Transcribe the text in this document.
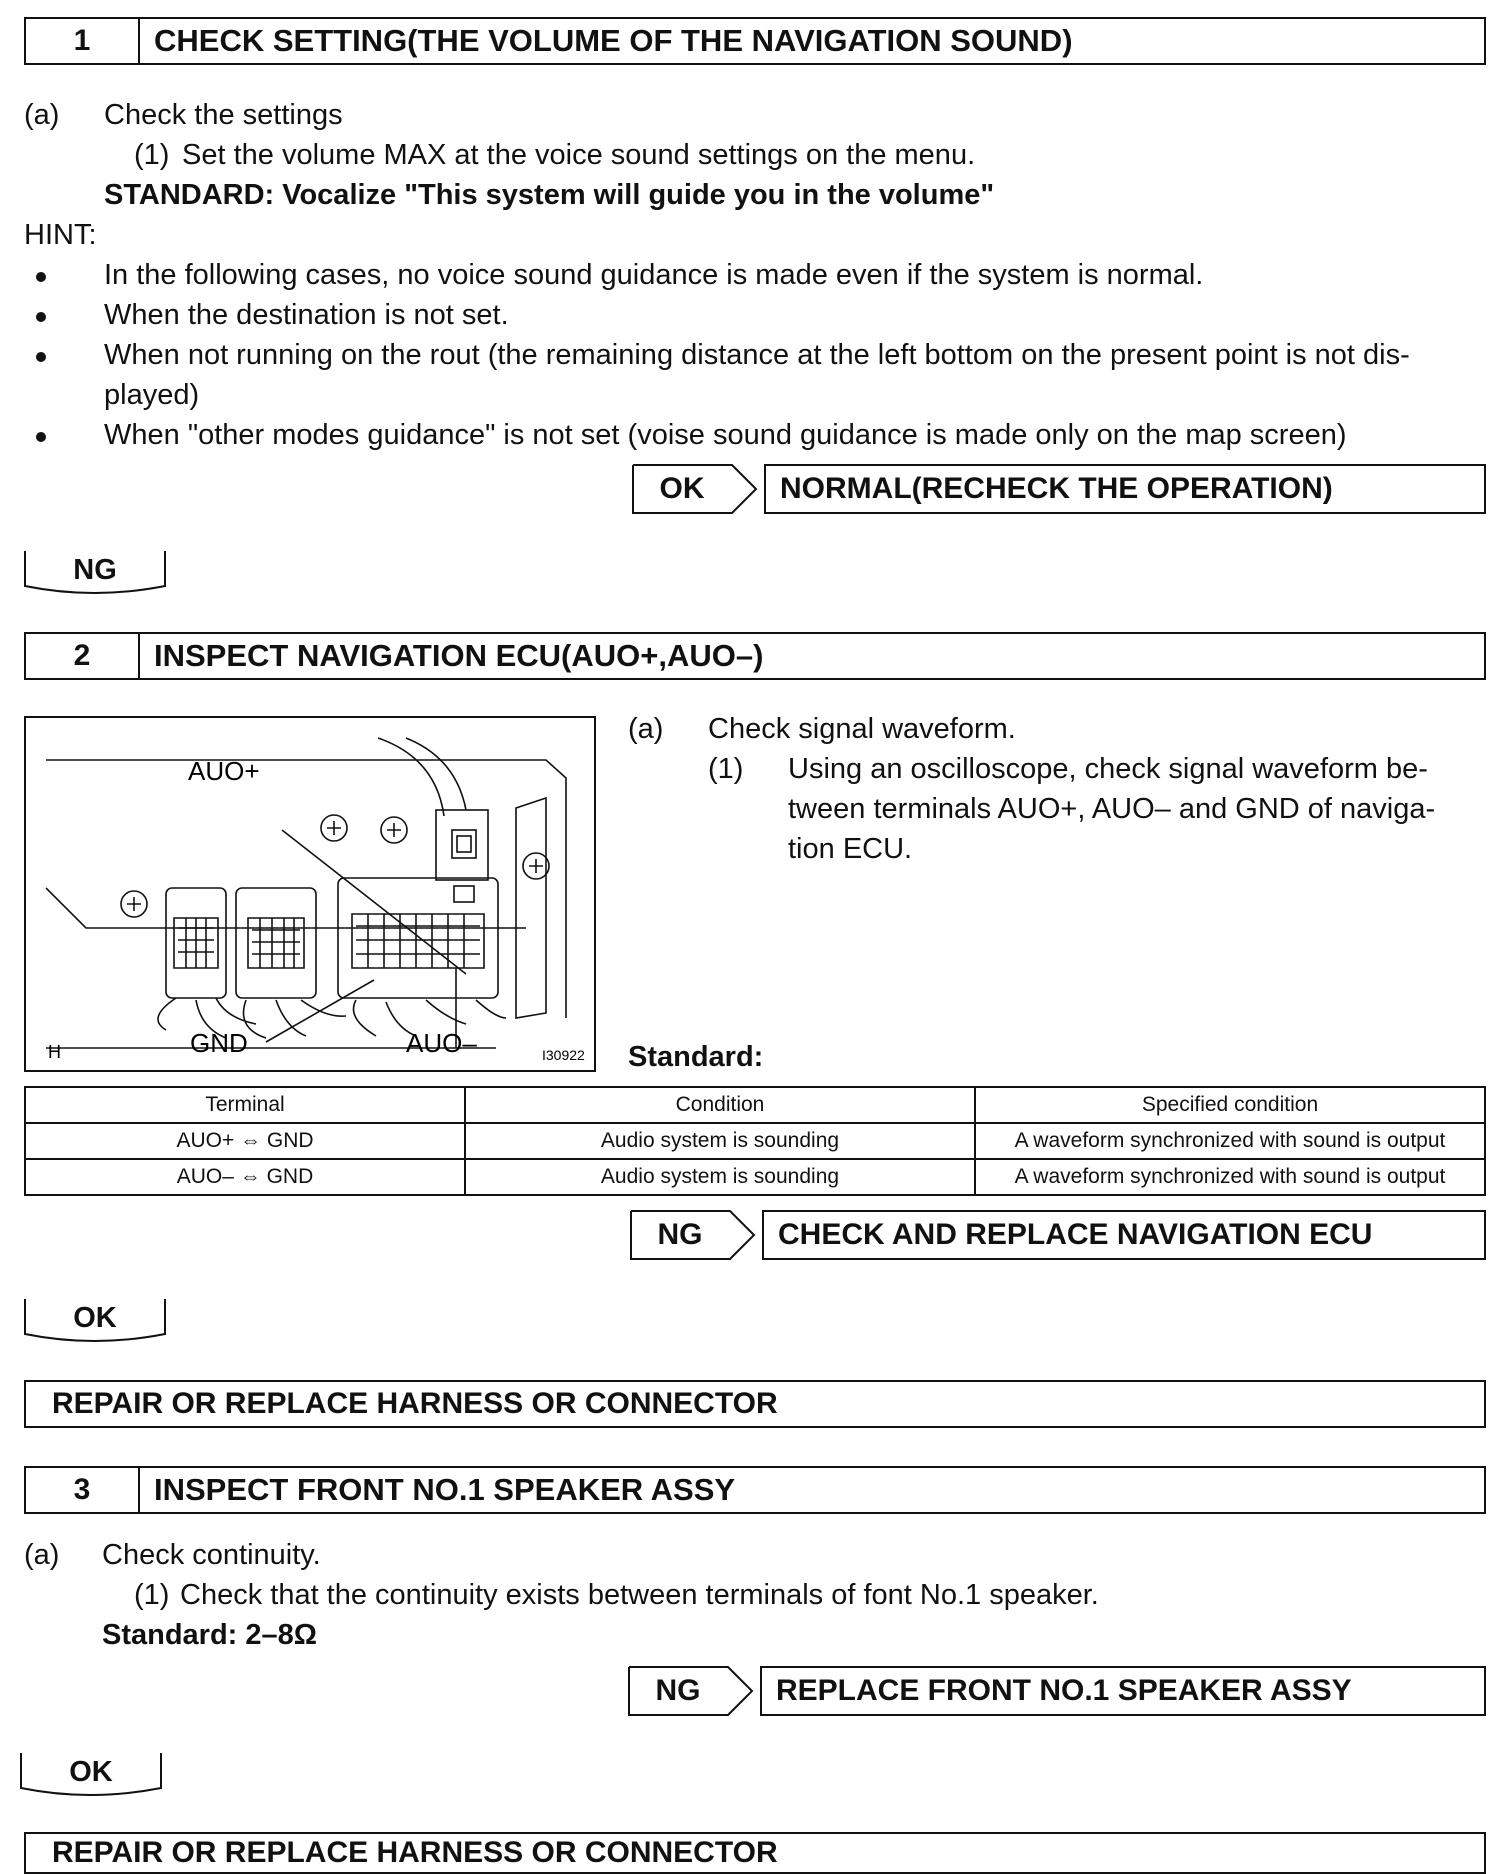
1	CHECK SETTING(THE VOLUME OF THE NAVIGATION SOUND)
(a) Check the settings
(1) Set the volume MAX at the voice sound settings on the menu.
STANDARD: Vocalize "This system will guide you in the volume"
HINT:
In the following cases, no voice sound guidance is made even if the system is normal.
When the destination is not set.
When not running on the rout (the remaining distance at the left bottom on the present point is not dis-
played)
When "other modes guidance" is not set (voise sound guidance is made only on the map screen)
OK	NORMAL(RECHECK THE OPERATION)
NG
2	INSPECT NAVIGATION ECU(AUO+,AUO–)
AUO+
GND	AUO–
H	I30922
(a) Check signal waveform.
(1) Using an oscilloscope, check signal waveform be-
tween terminals AUO+, AUO– and GND of naviga-
tion ECU.
Standard:
Terminal	Condition	Specified condition
AUO+ ⇔ GND	Audio system is sounding	A waveform synchronized with sound is output
AUO– ⇔ GND	Audio system is sounding	A waveform synchronized with sound is output
NG	CHECK AND REPLACE NAVIGATION ECU
OK
REPAIR OR REPLACE HARNESS OR CONNECTOR
3	INSPECT FRONT NO.1 SPEAKER ASSY
(a) Check continuity.
(1) Check that the continuity exists between terminals of font No.1 speaker.
Standard: 2–8Ω
NG	REPLACE FRONT NO.1 SPEAKER ASSY
OK
REPAIR OR REPLACE HARNESS OR CONNECTOR
